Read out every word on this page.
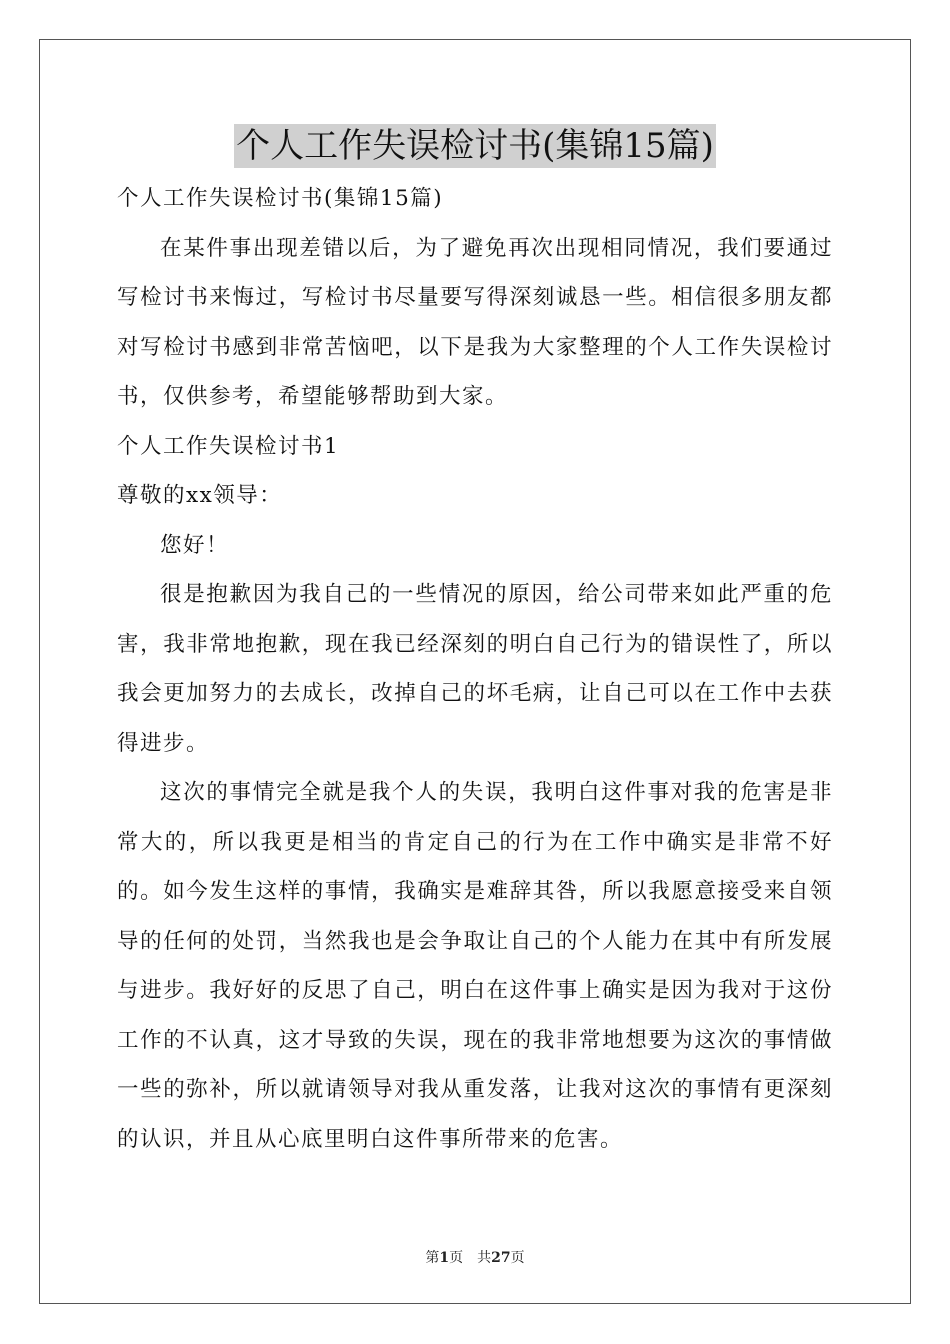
个人工作失误检讨书(集锦15篇)
个人工作失误检讨书(集锦15篇)

在某件事出现差错以后，为了避免再次出现相同情况，我们要通过写检讨书来悔过，写检讨书尽量要写得深刻诚恳一些。相信很多朋友都对写检讨书感到非常苦恼吧，以下是我为大家整理的个人工作失误检讨书，仅供参考，希望能够帮助到大家。

个人工作失误检讨书1
尊敬的xx领导：

您好！

很是抱歉因为我自己的一些情况的原因，给公司带来如此严重的危害，我非常地抱歉，现在我已经深刻的明白自己行为的错误性了，所以我会更加努力的去成长，改掉自己的坏毛病，让自己可以在工作中去获得进步。

这次的事情完全就是我个人的失误，我明白这件事对我的危害是非常大的，所以我更是相当的肯定自己的行为在工作中确实是非常不好的。如今发生这样的事情，我确实是难辞其咎，所以我愿意接受来自领导的任何的处罚，当然我也是会争取让自己的个人能力在其中有所发展与进步。我好好的反思了自己，明白在这件事上确实是因为我对于这份工作的不认真，这才导致的失误，现在的我非常地想要为这次的事情做一些的弥补，所以就请领导对我从重发落，让我对这次的事情有更深刻的认识，并且从心底里明白这件事所带来的危害。

第1页 共27页
